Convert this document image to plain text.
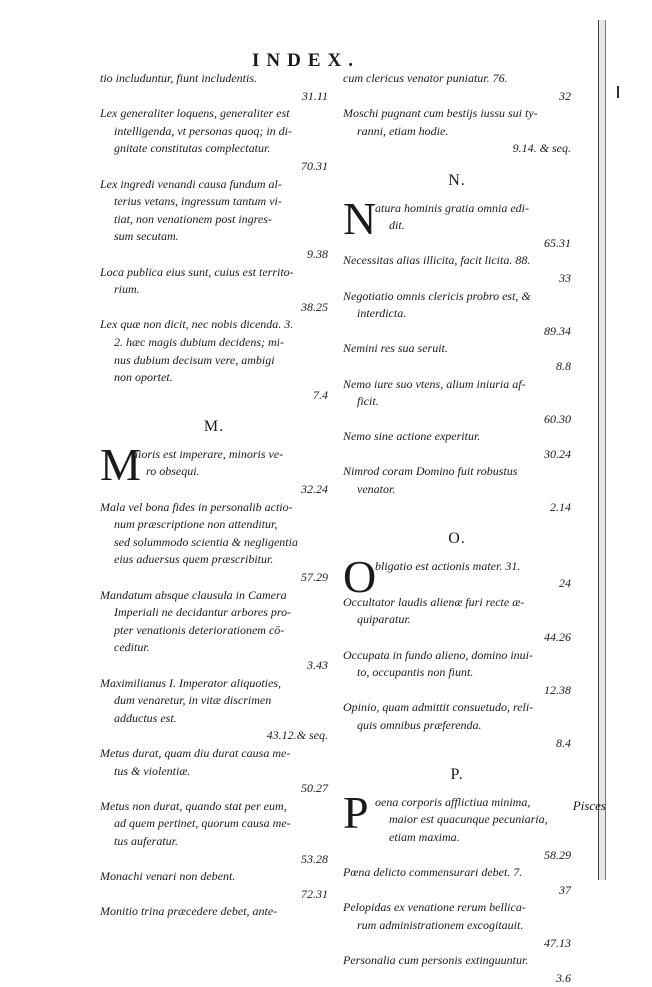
INDEX.

tio includuntur, fiunt includentis.
31.11

Lex generaliter loquens, generaliter est
intelligenda, vt personas quoq; in di-
gnitate constitutas complectatur.
70.31

Lex ingredi venandi causa fundum al-
terius vetans, ingressum tantum vi-
tiat, non venationem post ingres-
sum secutam.
9.38

Loca publica eius sunt, cuius est territo-
rium.
38.25

Lex quæ non dicit, nec nobis dicenda. 3.
2. hæc magis dubium decidens; mi-
nus dubium decisum vere, ambigi
non oportet.
7.4

M.
M

aioris est imperare, minoris ve-
ro obsequi.
32.24

Mala vel bona fides in personalib actio-
num præscriptione non attenditur,
sed solummodo scientia & negligentia
eius aduersus quem præscribitur.
57.29

Mandatum absque clausula in Camera
Imperiali ne decidantur arbores pro-
pter venationis deteriorationem cō-
ceditur.
3.43

Maximilianus I. Imperator aliquoties,
dum venaretur, in vitæ discrimen
adductus est.
43.12.& seq.

Metus durat, quam diu durat causa me-
tus & violentiæ.
50.27

Metus non durat, quando stat per eum,
ad quem pertinet, quorum causa me-
tus auferatur.
53.28

Monachi venari non debent.
72.31

Monitio trina præcedere debet, ante-

cum clericus venator puniatur. 76.
32

Moschi pugnant cum bestijs iussu sui ty-
ranni, etiam hodie.
9.14. & seq.

N.
N

atura hominis gratia omnia edi-
dit.
65.31

Necessitas alias illicita, facit licita. 88.
33

Negotiatio omnis clericis probro est, &
interdicta.
89.34

Nemini res sua seruit.
8.8

Nemo iure suo vtens, alium iniuria af-
ficit.
60.30

Nemo sine actione experitur.
30.24

Nimrod coram Domino fuit robustus
venator.
2.14

O.
O

bligatio est actionis mater. 31.
24

Occultator laudis alienæ furi recte æ-
quiparatur.
44.26

Occupata in fundo alieno, domino inui-
to, occupantis non fiunt.
12.38

Opinio, quam admittit consuetudo, reli-
quis omnibus præferenda.
8.4

P.
P oena corporis afflictiua minima,
maior est quacunque pecuniaria,
etiam maxima.
58.29

Pœna delicto commensurari debet. 7.
37

Pelopidas ex venatione rerum bellica-
rum administrationem excogitauit.
47.13

Personalia cum personis extinguuntur.
3.6

Pisces
